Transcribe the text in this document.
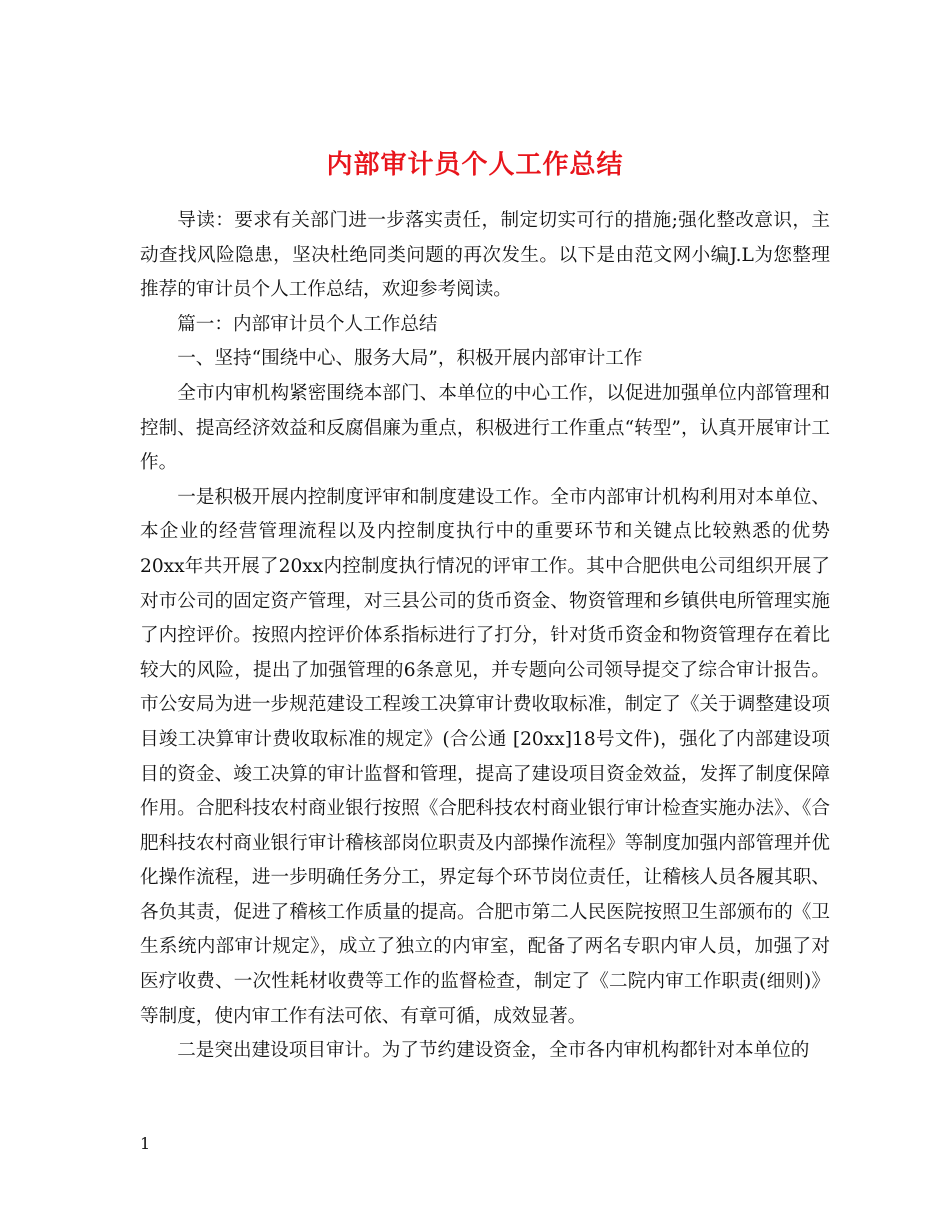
内部审计员个人工作总结

导读：要求有关部门进一步落实责任，制定切实可行的措施;强化整改意识，主动查找风险隐患，坚决杜绝同类问题的再次发生。以下是由范文网小编J.L为您整理推荐的审计员个人工作总结，欢迎参考阅读。

篇一：内部审计员个人工作总结

一、坚持“围绕中心、服务大局”，积极开展内部审计工作

全市内审机构紧密围绕本部门、本单位的中心工作，以促进加强单位内部管理和控制、提高经济效益和反腐倡廉为重点，积极进行工作重点“转型”，认真开展审计工作。

一是积极开展内控制度评审和制度建设工作。全市内部审计机构利用对本单位、本企业的经营管理流程以及内控制度执行中的重要环节和关键点比较熟悉的优势20xx年共开展了20xx内控制度执行情况的评审工作。其中合肥供电公司组织开展了对市公司的固定资产管理，对三县公司的货币资金、物资管理和乡镇供电所管理实施了内控评价。按照内控评价体系指标进行了打分，针对货币资金和物资管理存在着比较大的风险，提出了加强管理的6条意见，并专题向公司领导提交了综合审计报告。市公安局为进一步规范建设工程竣工决算审计费收取标准，制定了《关于调整建设项目竣工决算审计费收取标准的规定》(合公通 [20xx]18号文件)，强化了内部建设项目的资金、竣工决算的审计监督和管理，提高了建设项目资金效益，发挥了制度保障作用。合肥科技农村商业银行按照《合肥科技农村商业银行审计检查实施办法》、《合肥科技农村商业银行审计稽核部岗位职责及内部操作流程》等制度加强内部管理并优化操作流程，进一步明确任务分工，界定每个环节岗位责任，让稽核人员各履其职、各负其责，促进了稽核工作质量的提高。合肥市第二人民医院按照卫生部颁布的《卫生系统内部审计规定》，成立了独立的内审室，配备了两名专职内审人员，加强了对医疗收费、一次性耗材收费等工作的监督检查，制定了《二院内审工作职责(细则)》等制度，使内审工作有法可依、有章可循，成效显著。

二是突出建设项目审计。为了节约建设资金，全市各内审机构都针对本单位的

1
